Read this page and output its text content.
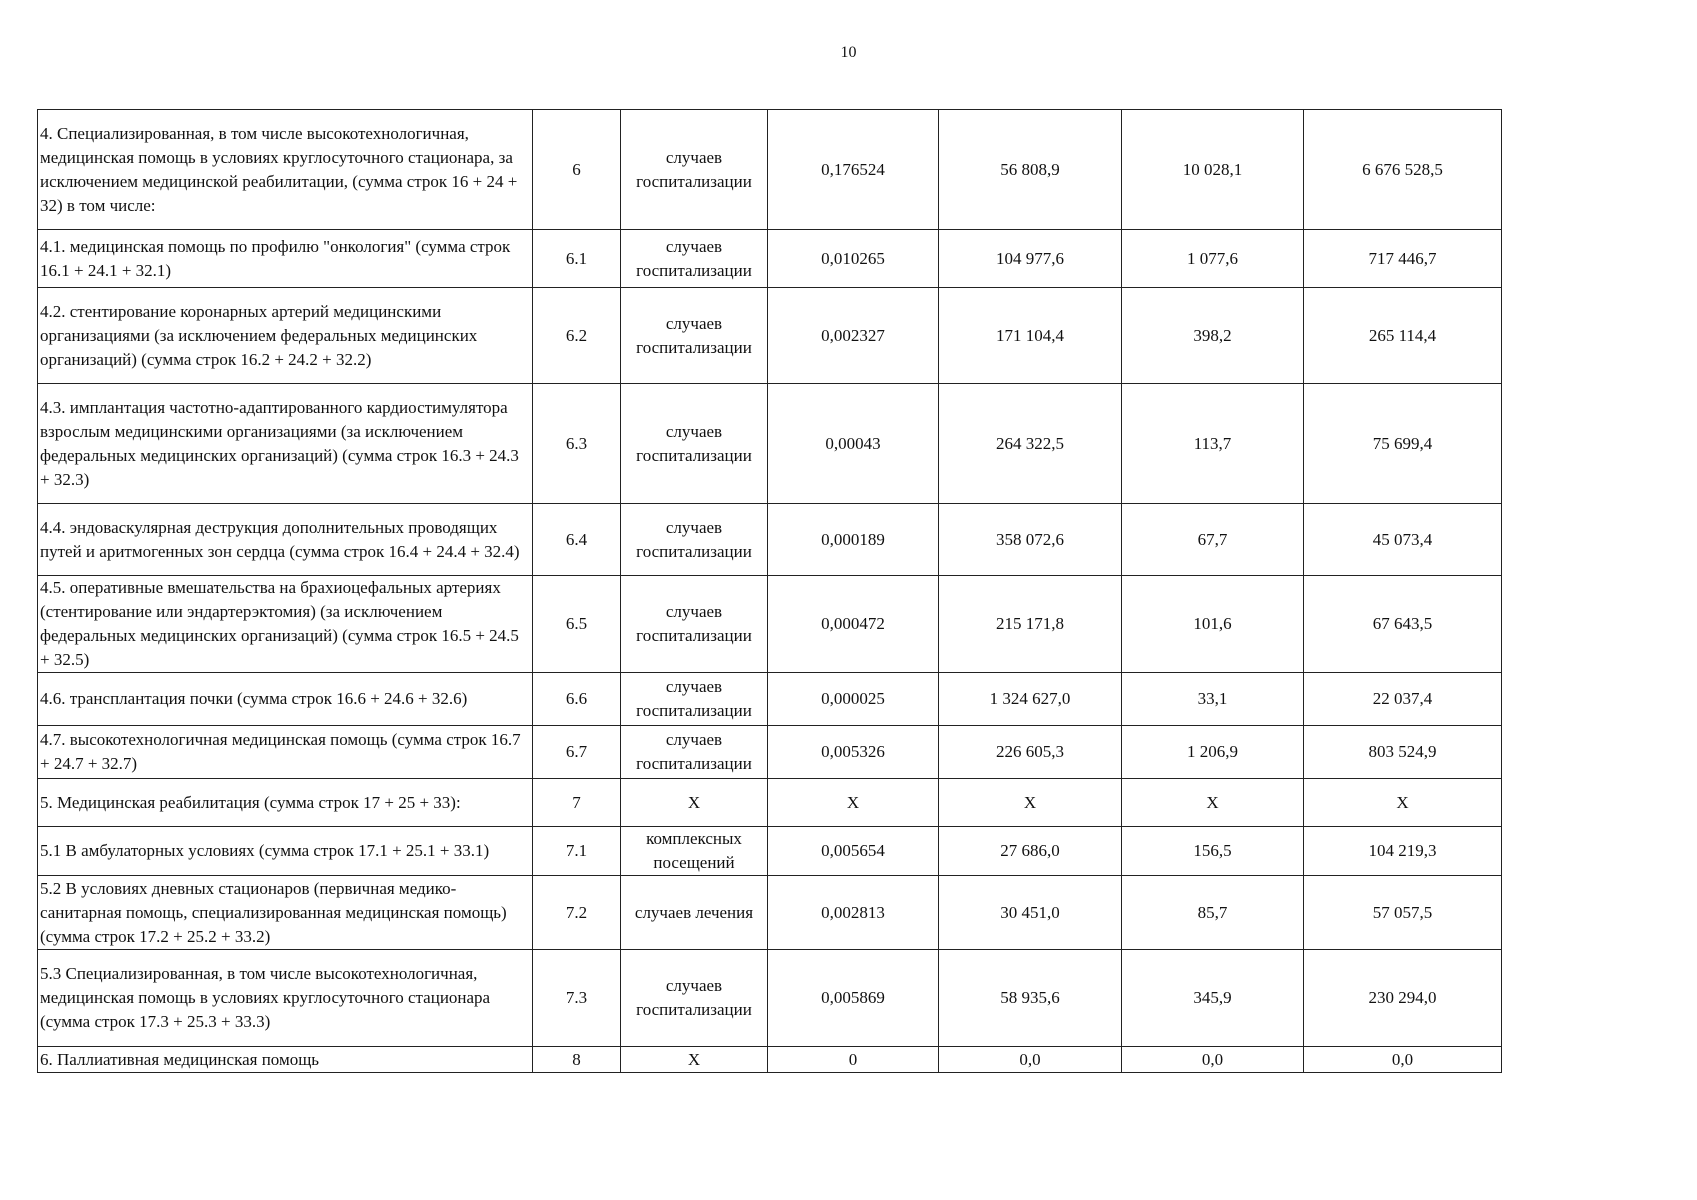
10
4. Специализированная, в том числе высокотехнологичная, медицинская помощь в условиях круглосуточного стационара, за исключением медицинской реабилитации, (сумма строк 16 + 24 + 32) в том числе:	6	случаев госпитализации	0,176524	56 808,9	10 028,1	6 676 528,5
4.1. медицинская помощь по профилю "онкология" (сумма строк 16.1 + 24.1 + 32.1)	6.1	случаев госпитализации	0,010265	104 977,6	1 077,6	717 446,7
4.2. стентирование коронарных артерий медицинскими организациями (за исключением федеральных медицинских организаций) (сумма строк 16.2 + 24.2 + 32.2)	6.2	случаев госпитализации	0,002327	171 104,4	398,2	265 114,4
4.3. имплантация частотно-адаптированного кардиостимулятора взрослым медицинскими организациями (за исключением федеральных медицинских организаций) (сумма строк 16.3 + 24.3 + 32.3)	6.3	случаев госпитализации	0,00043	264 322,5	113,7	75 699,4
4.4. эндоваскулярная деструкция дополнительных проводящих путей и аритмогенных зон сердца (сумма строк 16.4 + 24.4 + 32.4)	6.4	случаев госпитализации	0,000189	358 072,6	67,7	45 073,4
4.5. оперативные вмешательства на брахиоцефальных артериях (стентирование или эндартерэктомия) (за исключением федеральных медицинских организаций) (сумма строк 16.5 + 24.5 + 32.5)	6.5	случаев госпитализации	0,000472	215 171,8	101,6	67 643,5
4.6. трансплантация почки (сумма строк 16.6 + 24.6 + 32.6)	6.6	случаев госпитализации	0,000025	1 324 627,0	33,1	22 037,4
4.7. высокотехнологичная медицинская помощь (сумма строк 16.7 + 24.7 + 32.7)	6.7	случаев госпитализации	0,005326	226 605,3	1 206,9	803 524,9
5. Медицинская реабилитация (сумма строк 17 + 25 + 33):	7	Х	Х	Х	Х	Х
5.1 В амбулаторных условиях (сумма строк 17.1 + 25.1 + 33.1)	7.1	комплексных посещений	0,005654	27 686,0	156,5	104 219,3
5.2 В условиях дневных стационаров (первичная медико-санитарная помощь, специализированная медицинская помощь) (сумма строк 17.2 + 25.2 + 33.2)	7.2	случаев лечения	0,002813	30 451,0	85,7	57 057,5
5.3 Специализированная, в том числе высокотехнологичная, медицинская помощь в условиях круглосуточного стационара (сумма строк 17.3 + 25.3 + 33.3)	7.3	случаев госпитализации	0,005869	58 935,6	345,9	230 294,0
6. Паллиативная медицинская помощь	8	Х	0	0,0	0,0	0,0
